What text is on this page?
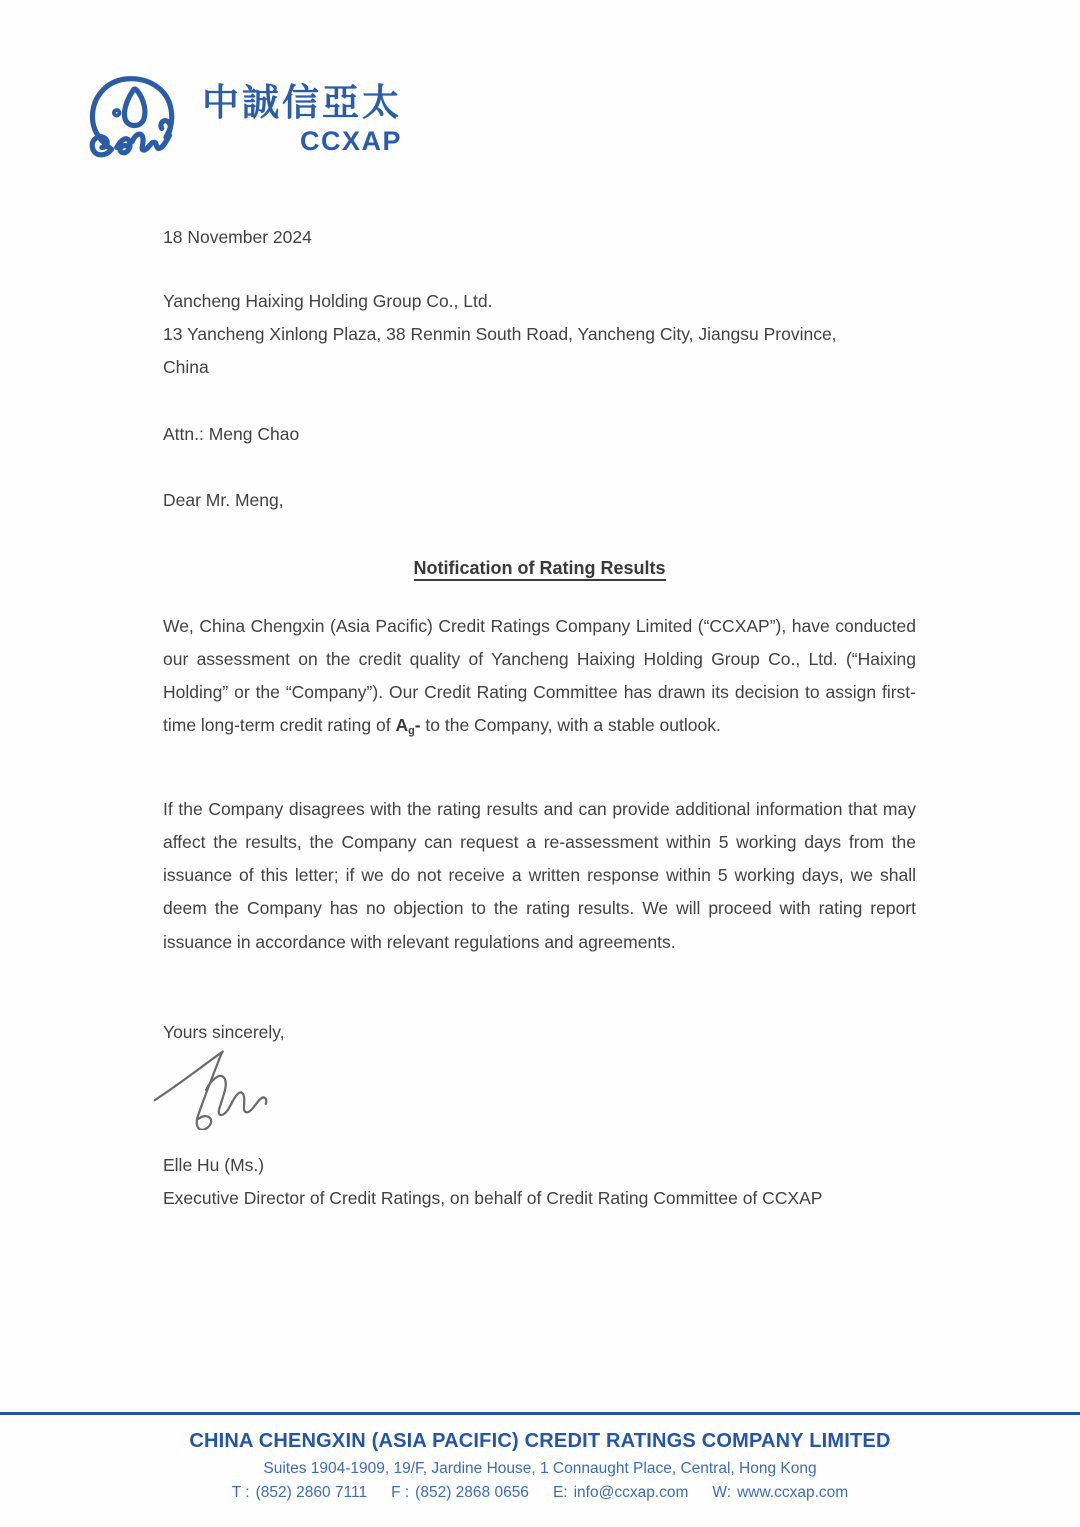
中誠信亞太
CCXAP
18 November 2024
Yancheng Haixing Holding Group Co., Ltd.
13 Yancheng Xinlong Plaza, 38 Renmin South Road, Yancheng City, Jiangsu Province,
China
Attn.: Meng Chao
Dear Mr. Meng,
Notification of Rating Results

We, China Chengxin (Asia Pacific) Credit Ratings Company Limited (“CCXAP”), have conducted our assessment on the credit quality of Yancheng Haixing Holding Group Co., Ltd. (“Haixing Holding” or the “Company”). Our Credit Rating Committee has drawn its decision to assign first-time long-term credit rating of $A_g-$ to the Company, with a stable outlook.

If the Company disagrees with the rating results and can provide additional information that may affect the results, the Company can request a re-assessment within 5 working days from the issuance of this letter; if we do not receive a written response within 5 working days, we shall deem the Company has no objection to the rating results. We will proceed with rating report issuance in accordance with relevant regulations and agreements.

Yours sincerely,
Elle Hu (Ms.)
Executive Director of Credit Ratings, on behalf of Credit Rating Committee of CCXAP
CHINA CHENGXIN (ASIA PACIFIC) CREDIT RATINGS COMPANY LIMITED
Suites 1904-1909, 19/F, Jardine House, 1 Connaught Place, Central, Hong Kong
T : (852) 2860 7111 F : (852) 2868 0656 E: info@ccxap.com W: www.ccxap.com
